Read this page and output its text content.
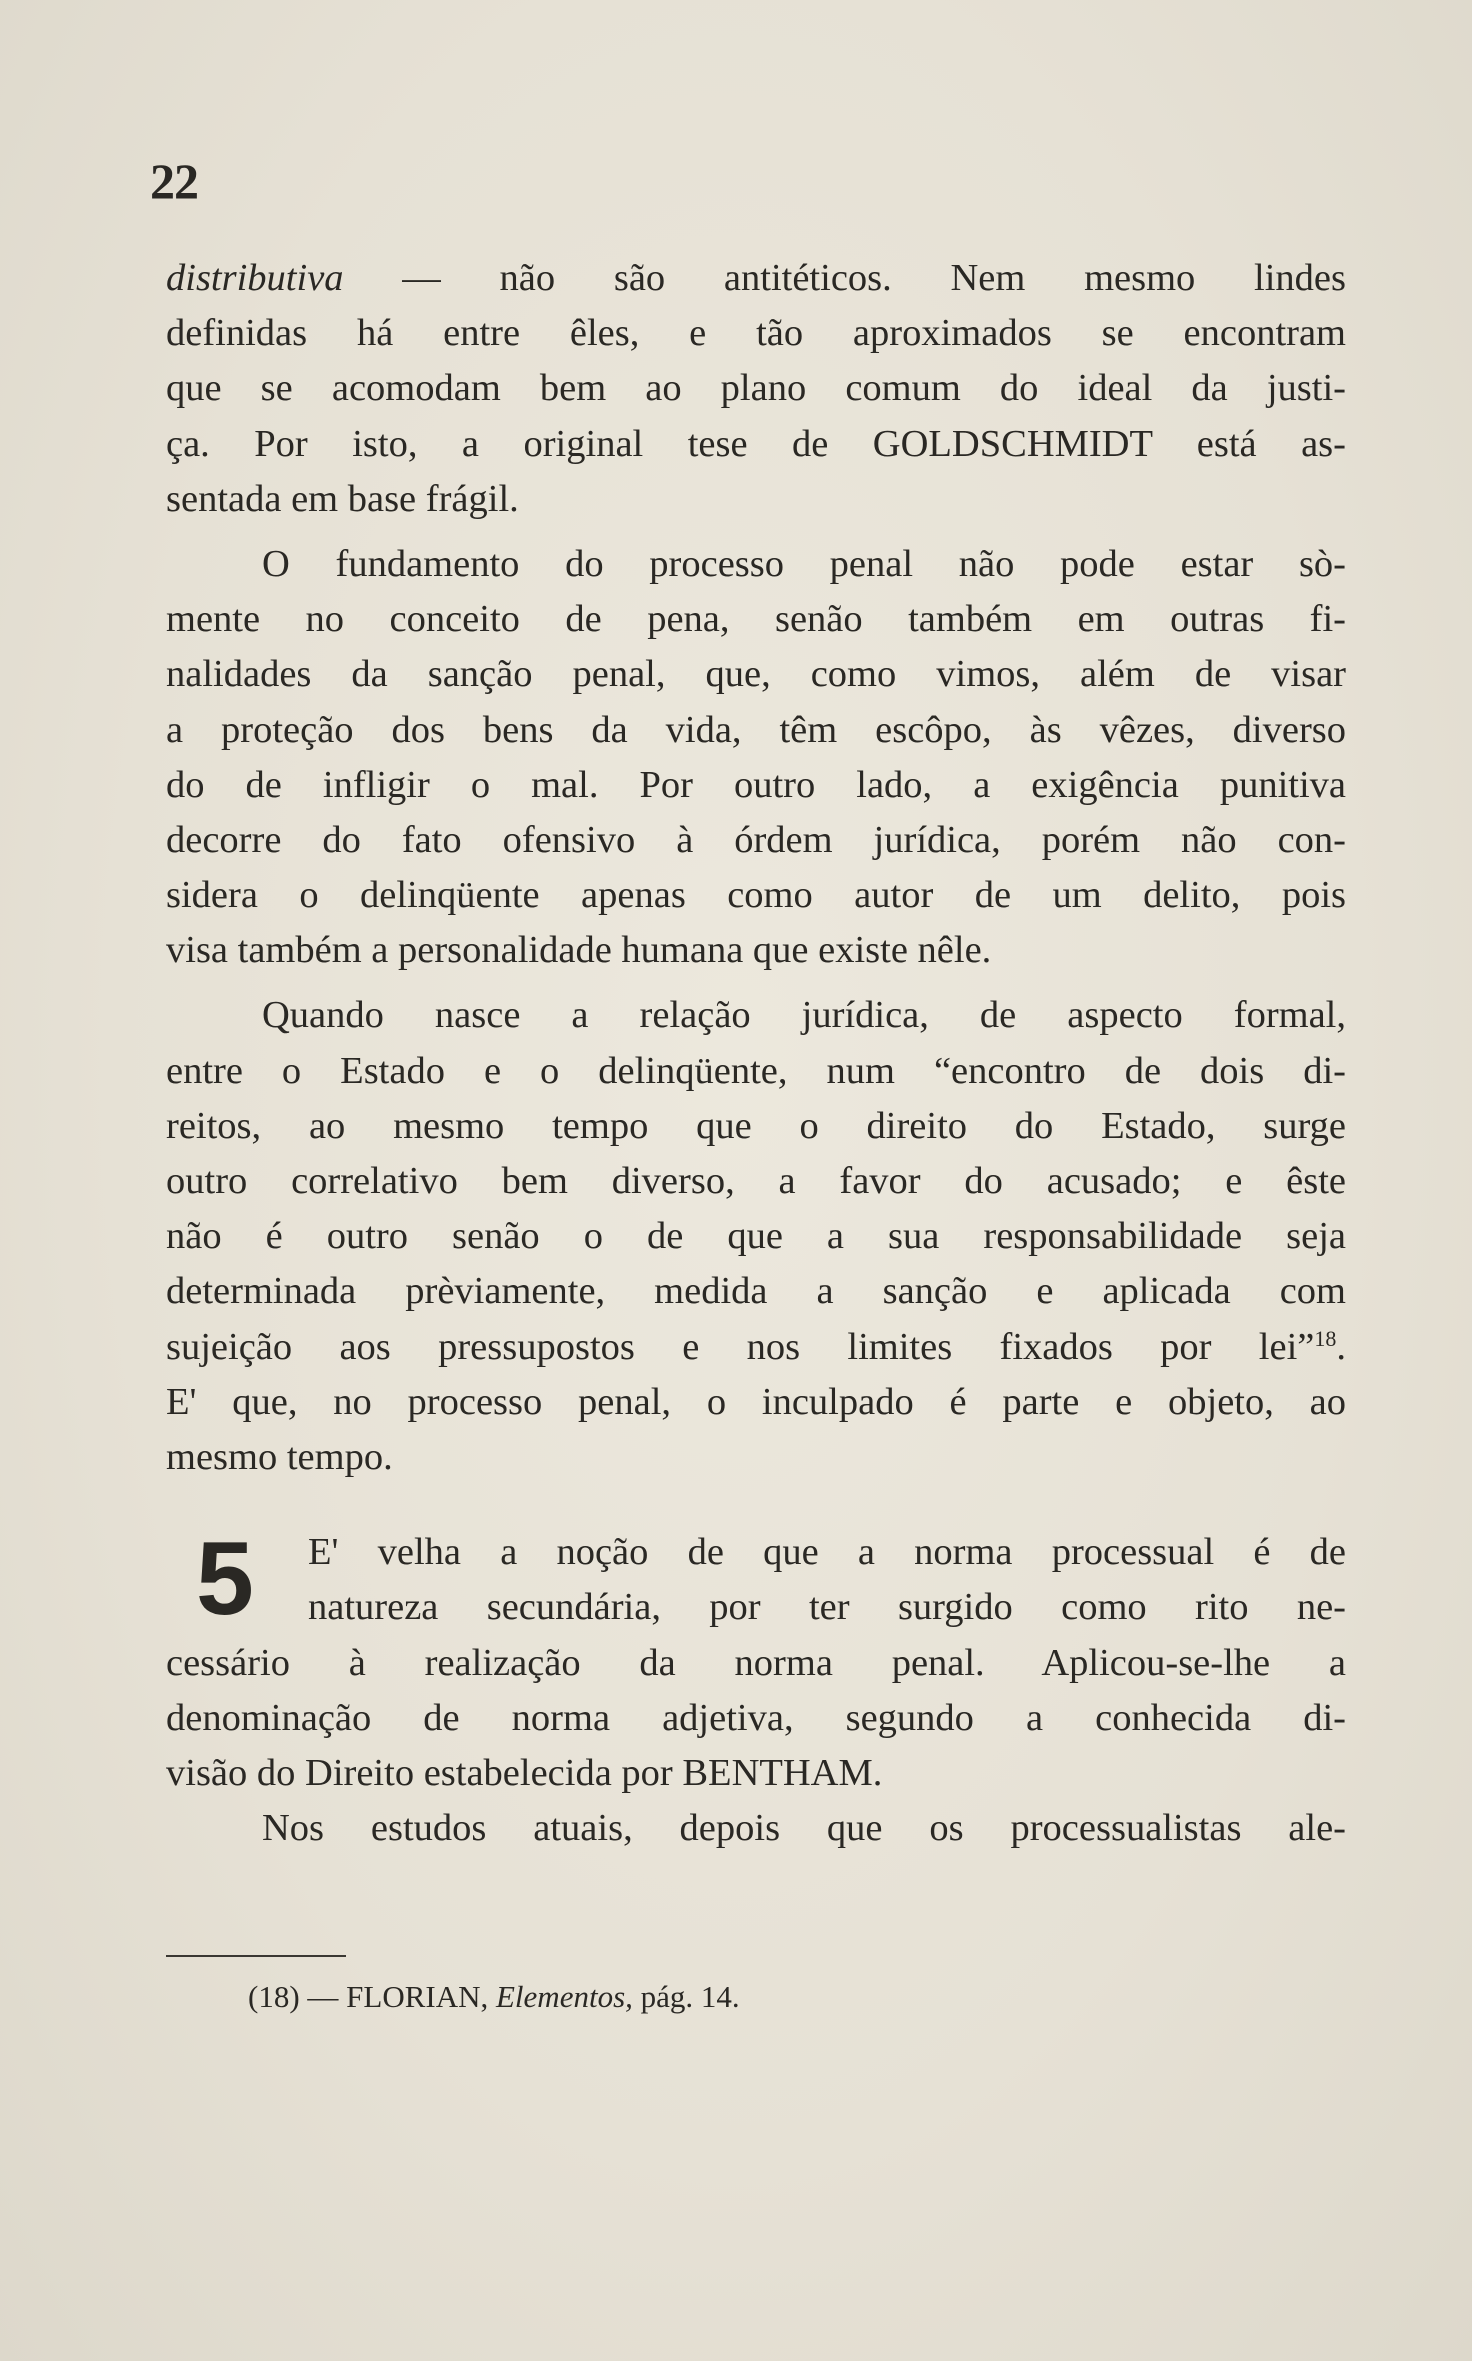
22
distributiva — não são antitéticos. Nem mesmo lindes
definidas há entre êles, e tão aproximados se encontram
que se acomodam bem ao plano comum do ideal da justi-
ça. Por isto, a original tese de GOLDSCHMIDT está as-
sentada em base frágil.
O fundamento do processo penal não pode estar sò-
mente no conceito de pena, senão também em outras fi-
nalidades da sanção penal, que, como vimos, além de visar
a proteção dos bens da vida, têm escôpo, às vêzes, diverso
do de infligir o mal. Por outro lado, a exigência punitiva
decorre do fato ofensivo à órdem jurídica, porém não con-
sidera o delinqüente apenas como autor de um delito, pois
visa também a personalidade humana que existe nêle.
Quando nasce a relação jurídica, de aspecto formal,
entre o Estado e o delinqüente, num “encontro de dois di-
reitos, ao mesmo tempo que o direito do Estado, surge
outro correlativo bem diverso, a favor do acusado; e êste
não é outro senão o de que a sua responsabilidade seja
determinada prèviamente, medida a sanção e aplicada com
sujeição aos pressupostos e nos limites fixados por lei”$^{18}$.
E' que, no processo penal, o inculpado é parte e objeto, ao
mesmo tempo.
5	E' velha a noção de que a norma processual é de
natureza secundária, por ter surgido como rito ne-
cessário à realização da norma penal. Aplicou-se-lhe a
denominação de norma adjetiva, segundo a conhecida di-
visão do Direito estabelecida por BENTHAM.
Nos estudos atuais, depois que os processualistas ale-
(18) — FLORIAN, Elementos, pág. 14.
